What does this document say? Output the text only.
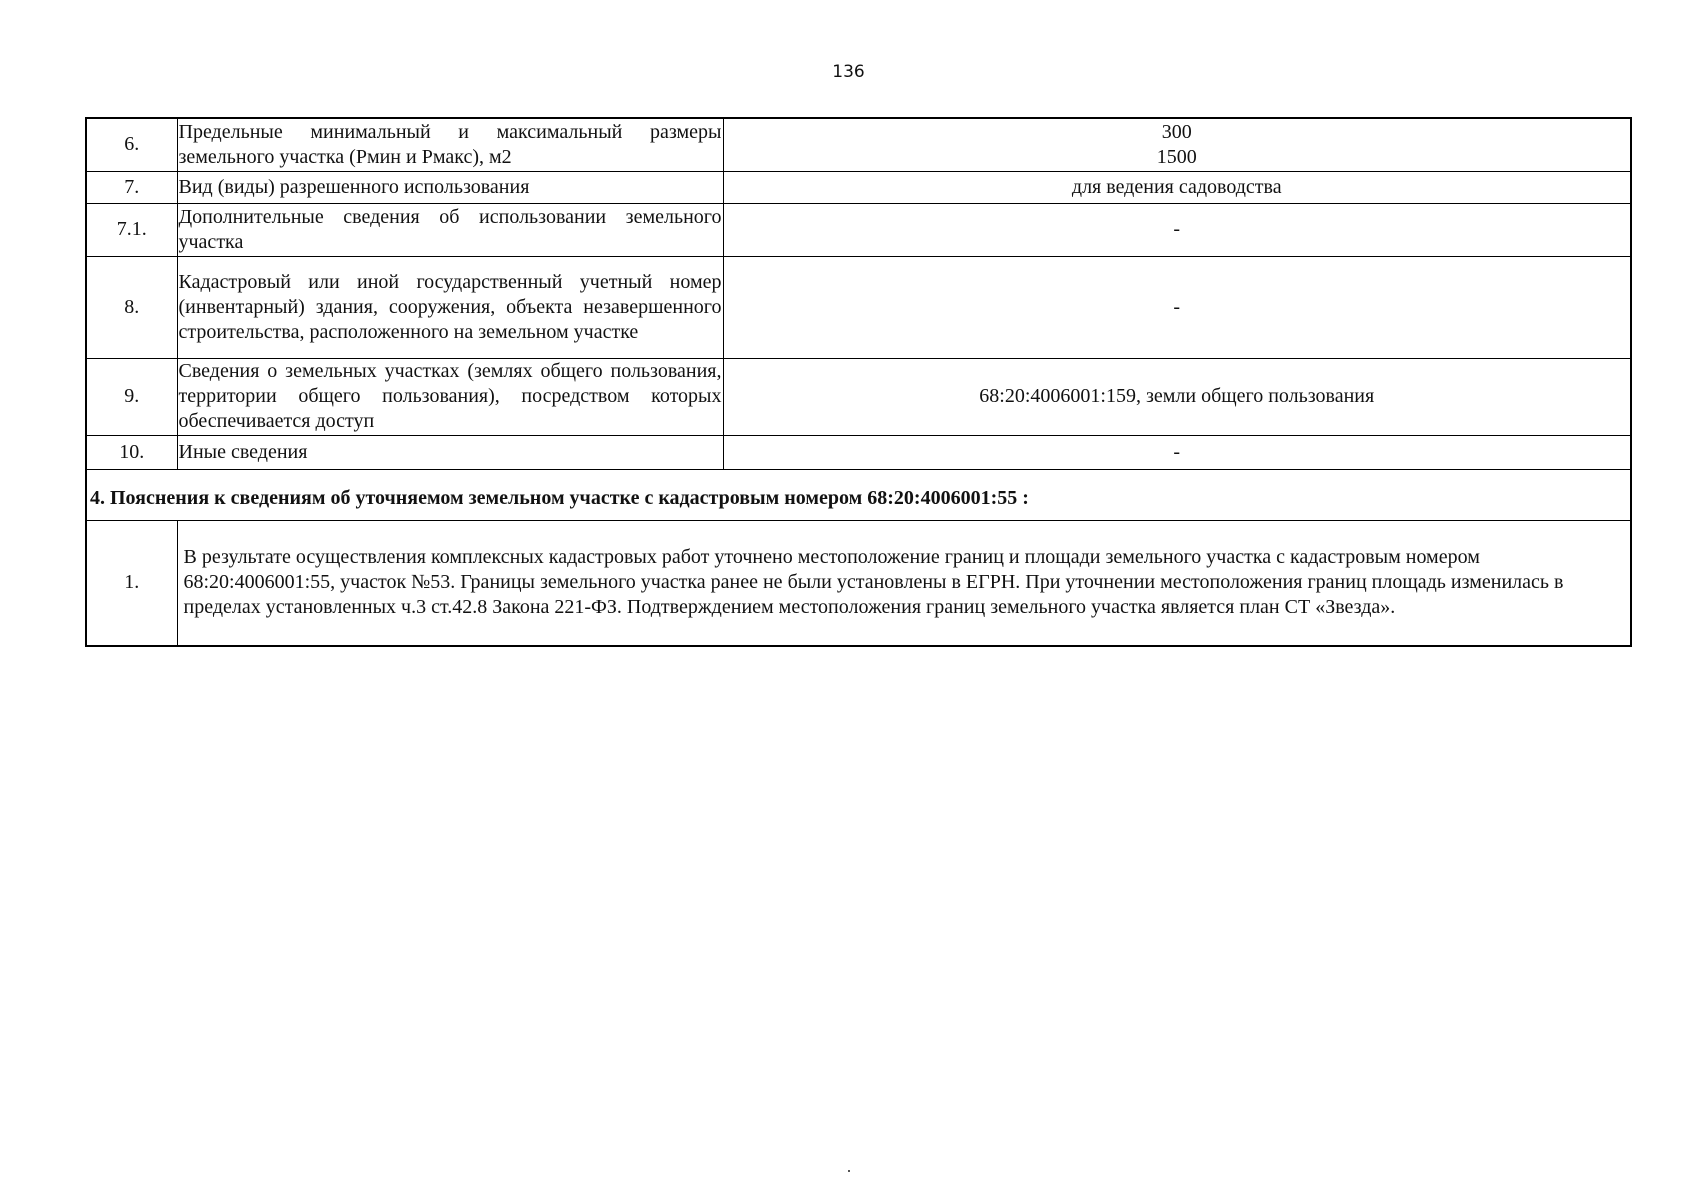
136
6.	Предельные минимальный и максимальный размеры земельного участка (Рмин и Рмакс), м2	300
1500

7.	Вид (виды) разрешенного использования	для ведения садоводства
7.1.	Дополнительные сведения об использовании земельного участка	-
8.	Кадастровый или иной государственный учетный номер (инвентарный) здания, сооружения, объекта незавершенного строительства, расположенного на земельном участке	-
9.	Сведения о земельных участках (землях общего пользования, территории общего пользования), посредством которых обеспечивается доступ	68:20:4006001:159, земли общего пользования
10.	Иные сведения	-
4. Пояснения к сведениям об уточняемом земельном участке с кадастровым номером 68:20:4006001:55 :		
1.	В результате осуществления комплексных кадастровых работ уточнено местоположение границ и площади земельного участка с кадастровым номером 68:20:4006001:55, участок №53. Границы земельного участка ранее не были установлены в ЕГРН. При уточнении местоположения границ площадь изменилась в пределах установленных ч.3 ст.42.8 Закона 221-ФЗ. Подтверждением местоположения границ земельного участка является план СТ «Звезда».	
